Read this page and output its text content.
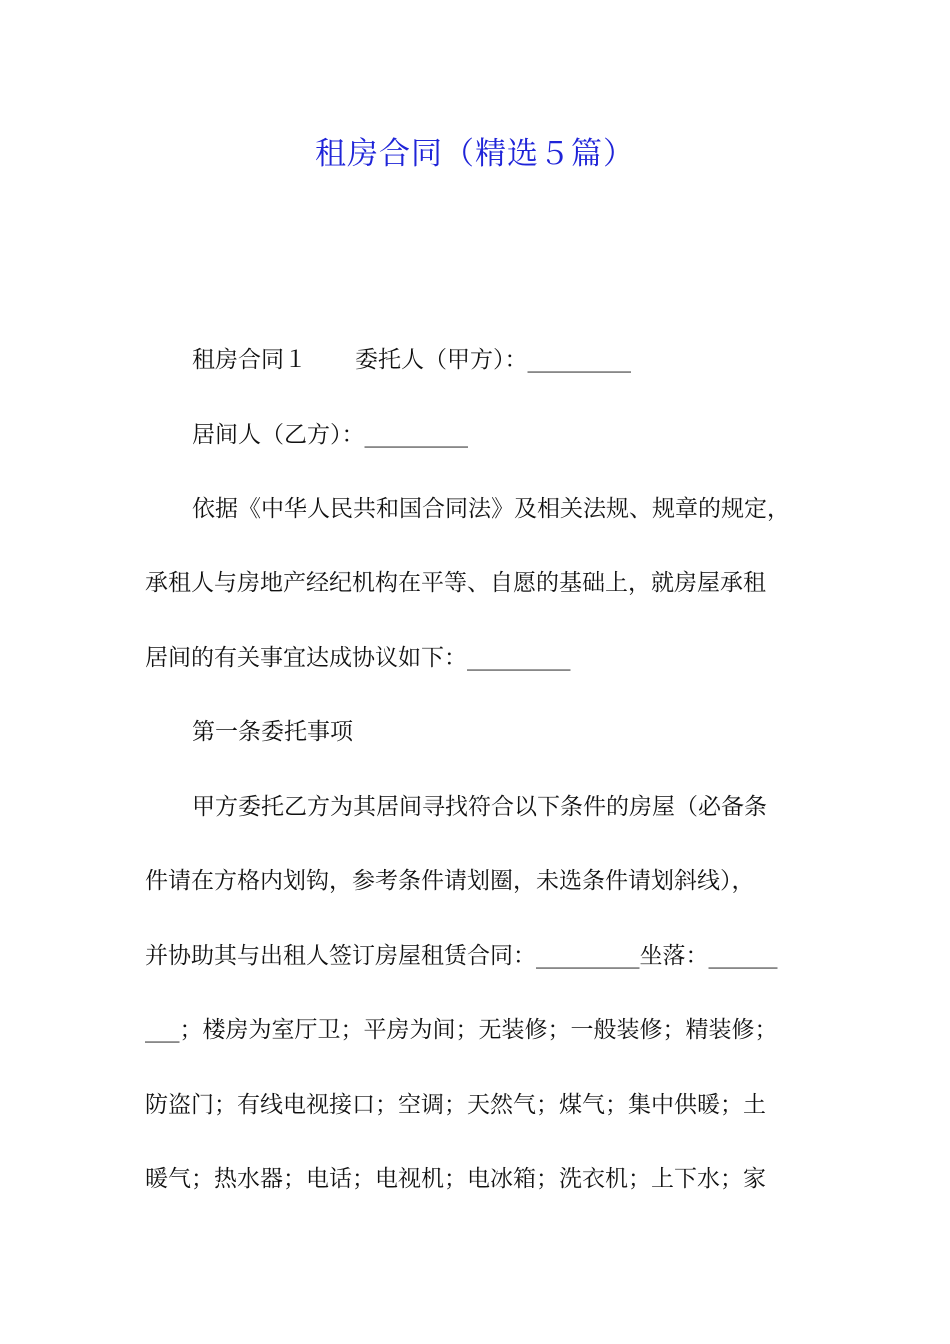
租房合同（精选５篇）
租房合同１ 委托人（甲方）：_________
居间人（乙方）：_________
依据《中华人民共和国合同法》及相关法规、规章的规定，
承租人与房地产经纪机构在平等、自愿的基础上，就房屋承租
居间的有关事宜达成协议如下：_________
第一条委托事项
甲方委托乙方为其居间寻找符合以下条件的房屋（必备条
件请在方格内划钩，参考条件请划圈，未选条件请划斜线），
并协助其与出租人签订房屋租赁合同：_________坐落：______
___；楼房为室厅卫；平房为间；无装修；一般装修；精装修；
防盗门；有线电视接口；空调；天然气；煤气；集中供暖；土
暖气；热水器；电话；电视机；电冰箱；洗衣机；上下水；家
